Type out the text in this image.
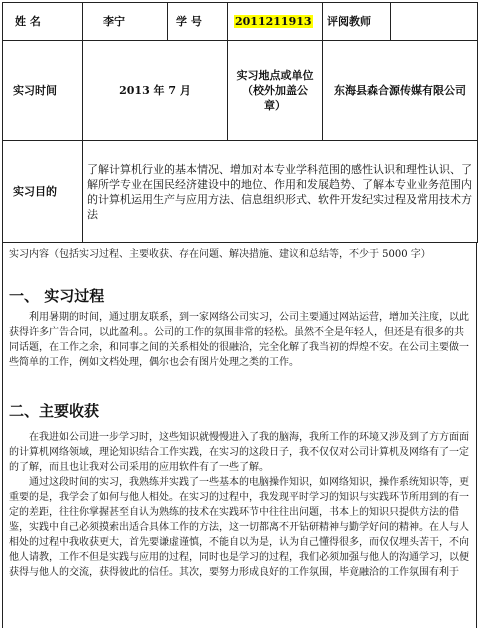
姓 名	李宁	学 号	2011211913	评阅教师	
实习时间	2013 年 7 月		实习地点或单位（校外加盖公章）	东海县森合源传媒有限公司	
实习目的	了解计算机行业的基本情况、增加对本专业学科范围的感性认识和理性认识、了解所学专业在国民经济建设中的地位、作用和发展趋势、了解本专业业务范围内的计算机运用生产与应用方法、信息组织形式、软件开发纪实过程及常用技术方法				

实习内容（包括实习过程、主要收获、存在问题、解决措施、建议和总结等，不少于 5000 字）

一、 实习过程

利用暑期的时间，通过朋友联系，到一家网络公司实习，公司主要通过网站运营，增加关注度，以此获得许多广告合同，以此盈利。。公司的工作的氛围非常的轻松。虽然不全是年轻人，但还是有很多的共同话题，在工作之余，和同事之间的关系相处的很融洽，完全化解了我当初的焊煌不安。在公司主要做一些简单的工作，例如文档处理，偶尔也会有图片处理之类的工作。

二、主要收获

在我进如公司进一步学习时，这些知识就慢慢进入了我的脑海，我所工作的环境又涉及到了方方面面的计算机网络领域，理论知识结合工作实践，在实习的这段日子，我不仅仅对公司计算机及网络有了一定的了解，而且也让我对公司采用的应用软件有了一些了解。

通过这段时间的实习，我熟练并实践了一些基本的电脑操作知识，如网络知识，操作系统知识等，更重要的是，我学会了如何与他人相处。在实习的过程中，我发现平时学习的知识与实践环节所用到的有一定的差距，往往你掌握甚至自认为熟练的技术在实践环节中往往出问题，书本上的知识只提供方法的借鉴，实践中自己必须摸索出适合具体工作的方法，这一切都离不开钻研精神与勤学好问的精神。在人与人相处的过程中我收获更大，首先要谦虚谨慎，不能自以为是，认为自己懂得很多，而仅仅埋头苦干，不向他人请教，工作不但是实践与应用的过程，同时也是学习的过程，我们必须加强与他人的沟通学习，以便获得与他人的交流，获得彼此的信任。其次，要努力形成良好的工作氛围，毕竟融洽的工作氛围有利于
